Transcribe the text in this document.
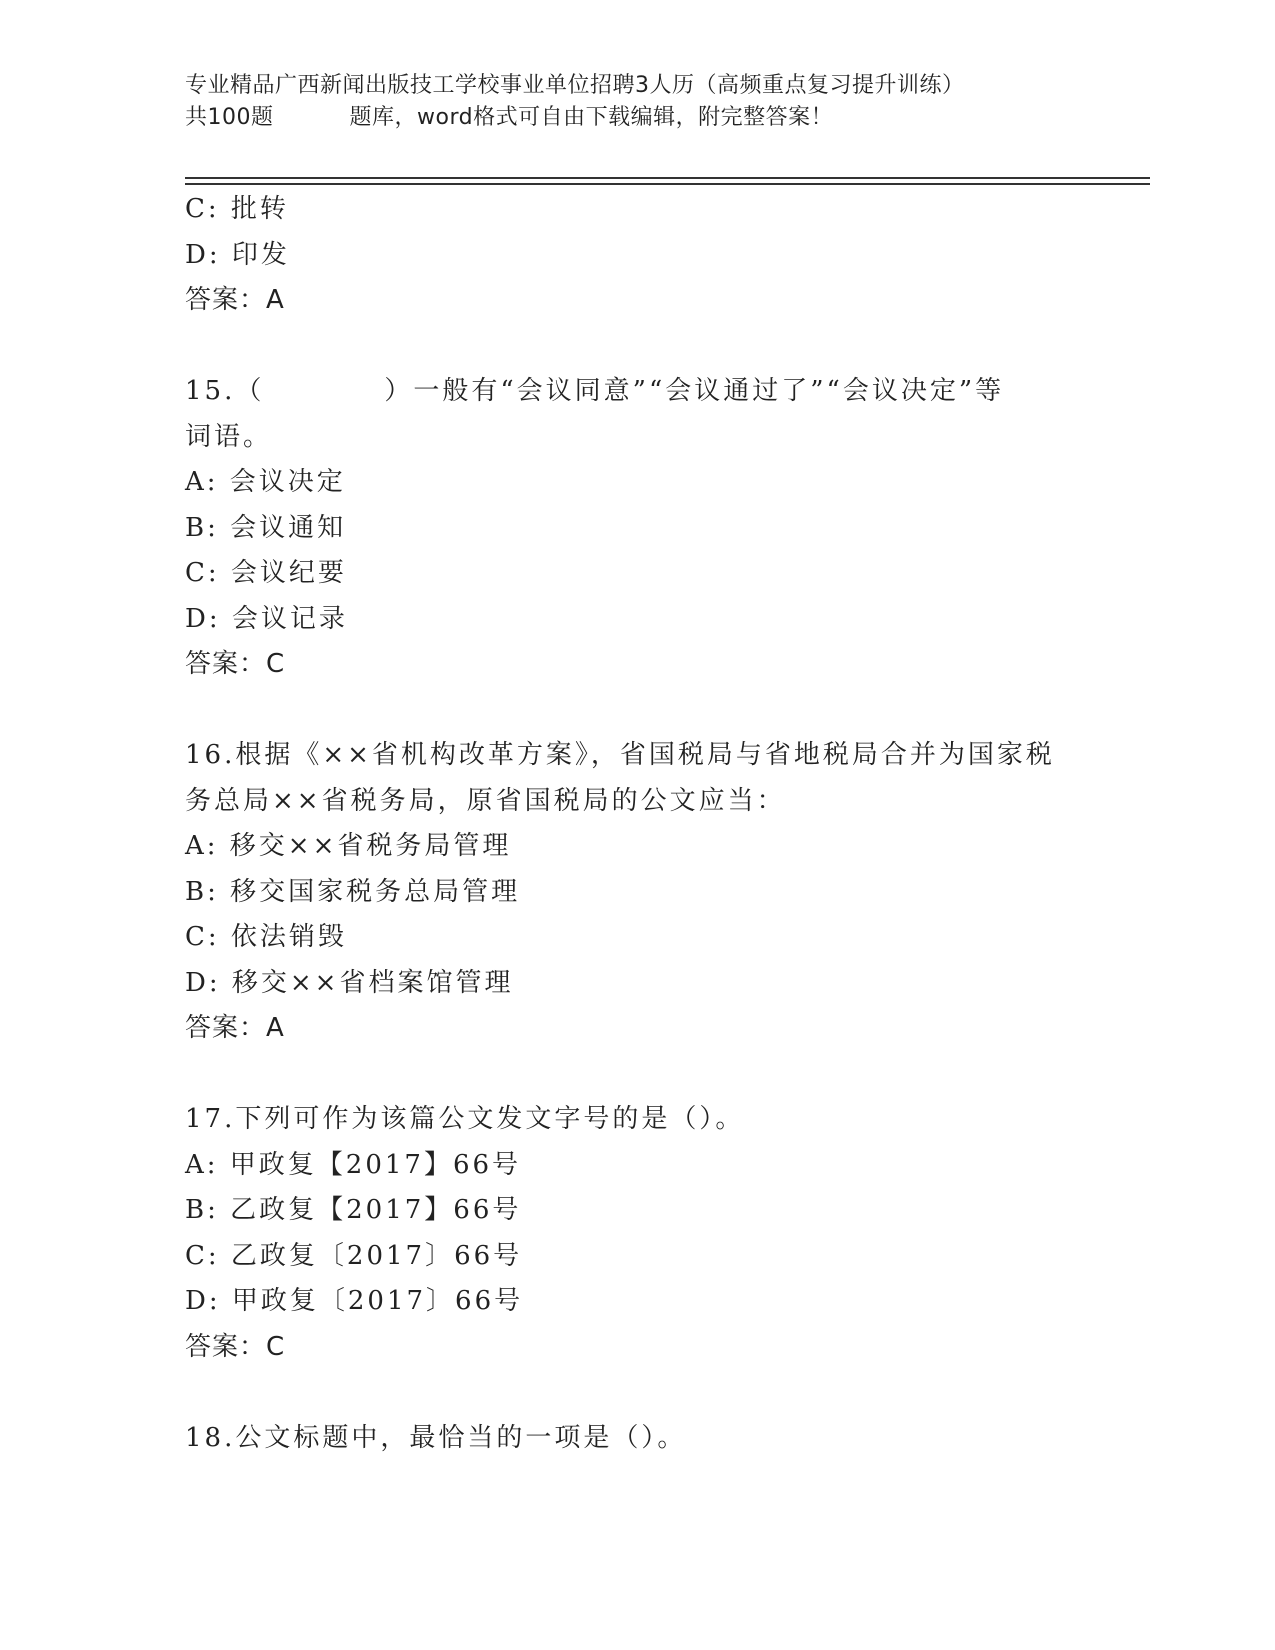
专业精品广西新闻出版技工学校事业单位招聘3人历（高频重点复习提升训练）
共100题	题库，word格式可自由下载编辑，附完整答案！
C: 批转
D: 印发
答案：A
15.（	）一般有“会议同意”“会议通过了”“会议决定”等
词语。
A: 会议决定
B: 会议通知
C: 会议纪要
D: 会议记录
答案：C
16.根据《××省机构改革方案》，省国税局与省地税局合并为国家税
务总局××省税务局，原省国税局的公文应当：
A: 移交××省税务局管理
B: 移交国家税务总局管理
C: 依法销毁
D: 移交××省档案馆管理
答案：A
17.下列可作为该篇公文发文字号的是（）。
A: 甲政复【2017】66号
B: 乙政复【2017】66号
C: 乙政复〔2017〕66号
D: 甲政复〔2017〕66号
答案：C
18.公文标题中，最恰当的一项是（）。
